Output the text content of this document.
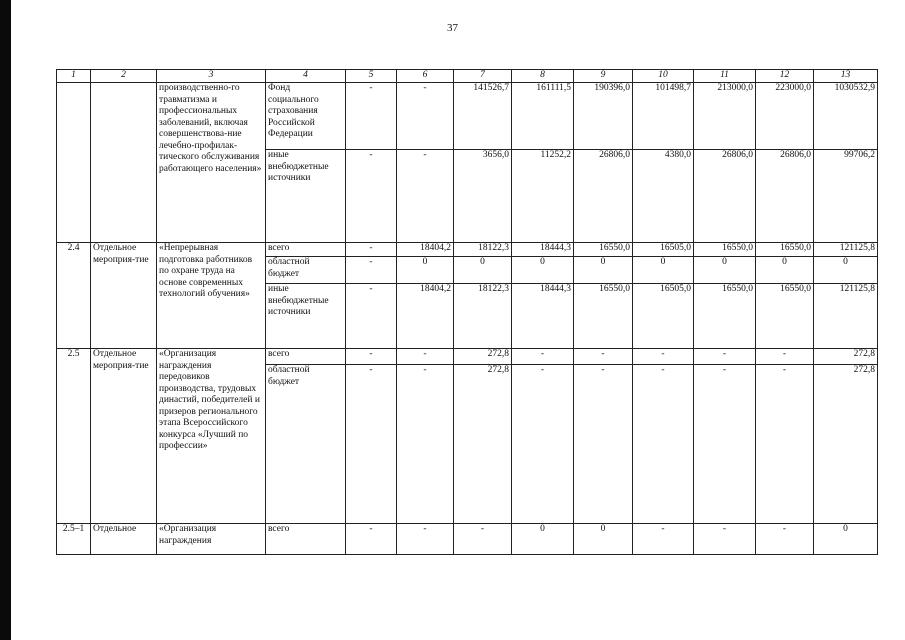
37
1	2	3	4	5	6	7	8	9	10	11	12	13
		производственно-го травматизма и профессиональных заболеваний, включая совершенствова-ние лечебно-профилак-тического обслуживания работающего населения»	Фонд социального страхования Российской Федерации	-	-	141526,7	161111,5	190396,0	101498,7	213000,0	223000,0	1030532,9
			иные внебюджетные источники	-	-	3656,0	11252,2	26806,0	4380,0	26806,0	26806,0	99706,2
2.4	Отдельное мероприя-тие	«Непрерывная подготовка работников по охране труда на основе современных технологий обучения»	всего	-	18404,2	18122,3	18444,3	16550,0	16505,0	16550,0	16550,0	121125,8
			областной бюджет	-	0	0	0	0	0	0	0	0
			иные внебюджетные источники	-	18404,2	18122,3	18444,3	16550,0	16505,0	16550,0	16550,0	121125,8
2.5	Отдельное мероприя-тие	«Организация награждения передовиков производства, трудовых династий, победителей и призеров регионального этапа Всероссийского конкурса «Лучший по профессии»	всего	-	-	272,8	-	-	-	-	-	272,8
			областной бюджет	-	-	272,8	-	-	-	-	-	272,8
2.5–1	Отдельное	«Организация награждения	всего	-	-	-	0	0	-	-	-	0
